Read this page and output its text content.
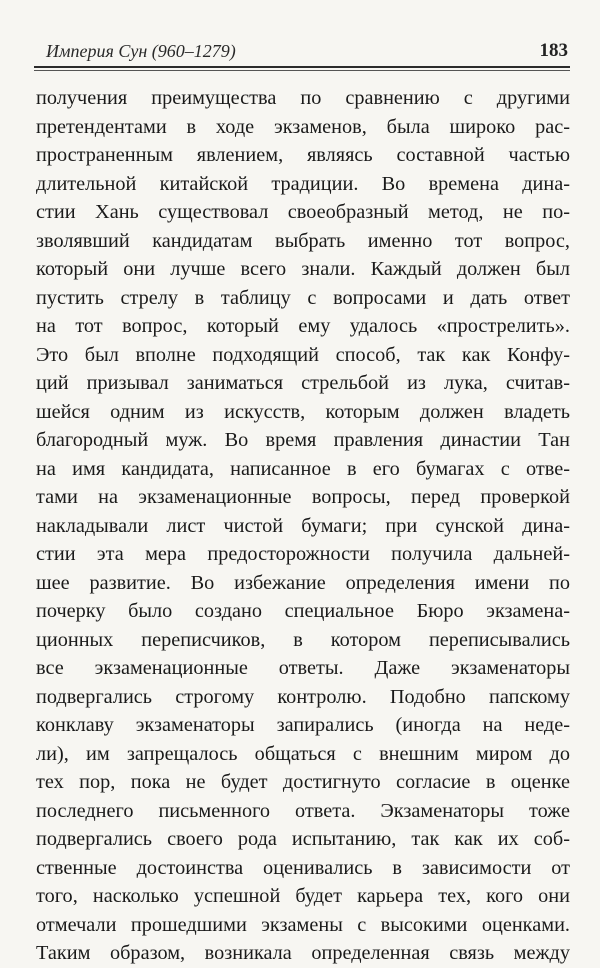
Империя Сун (960–1279)	183
получения преимущества по сравнению с другими
претендентами в ходе экзаменов, была широко рас-
пространенным явлением, являясь составной частью
длительной китайской традиции. Во времена дина-
стии Хань существовал своеобразный метод, не по-
зволявший кандидатам выбрать именно тот вопрос,
который они лучше всего знали. Каждый должен был
пустить стрелу в таблицу с вопросами и дать ответ
на тот вопрос, который ему удалось «прострелить».
Это был вполне подходящий способ, так как Конфу-
ций призывал заниматься стрельбой из лука, считав-
шейся одним из искусств, которым должен владеть
благородный муж. Во время правления династии Тан
на имя кандидата, написанное в его бумагах с отве-
тами на экзаменационные вопросы, перед проверкой
накладывали лист чистой бумаги; при сунской дина-
стии эта мера предосторожности получила дальней-
шее развитие. Во избежание определения имени по
почерку было создано специальное Бюро экзамена-
ционных переписчиков, в котором переписывались
все экзаменационные ответы. Даже экзаменаторы
подвергались строгому контролю. Подобно папскому
конклаву экзаменаторы запирались (иногда на неде-
ли), им запрещалось общаться с внешним миром до
тех пор, пока не будет достигнуто согласие в оценке
последнего письменного ответа. Экзаменаторы тоже
подвергались своего рода испытанию, так как их соб-
ственные достоинства оценивались в зависимости от
того, насколько успешной будет карьера тех, кого они
отмечали прошедшими экзамены с высокими оценками.
Таким образом, возникала определенная связь между
